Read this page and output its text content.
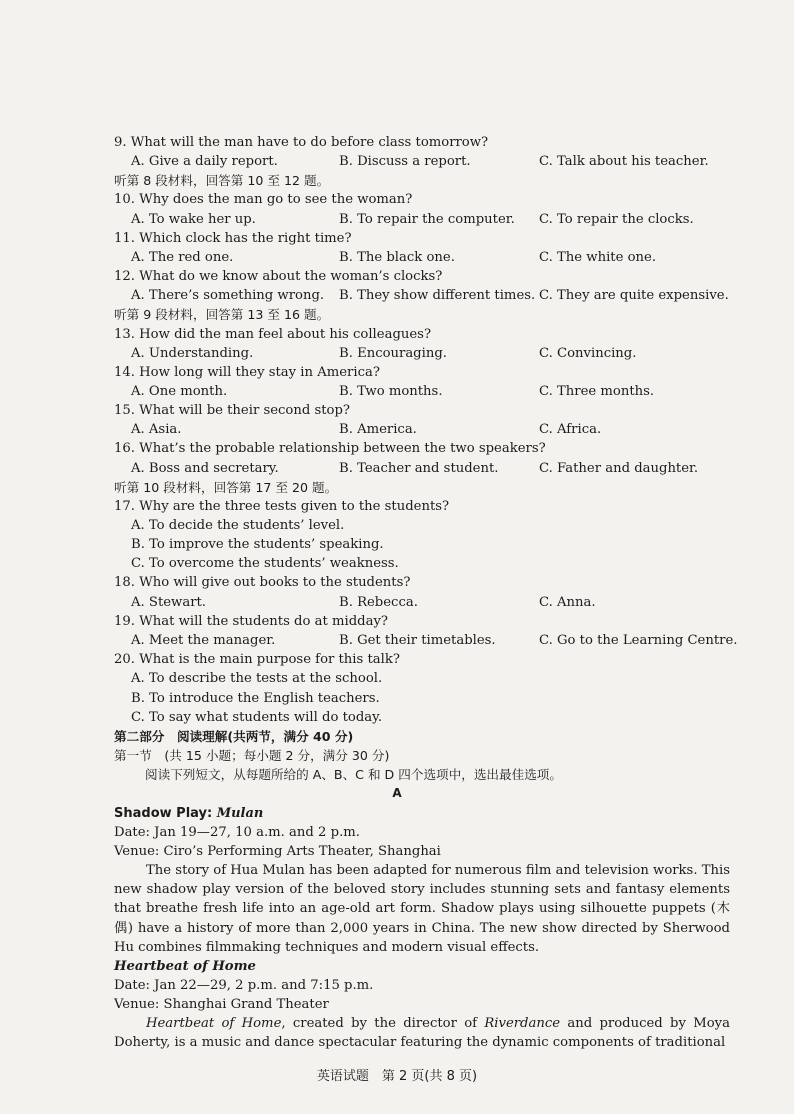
9. What will the man have to do before class tomorrow?
A. Give a daily report.	B. Discuss a report.	C. Talk about his teacher.
听第 8 段材料，回答第 10 至 12 题。
10. Why does the man go to see the woman?
A. To wake her up.	B. To repair the computer. C. To repair the clocks.
11. Which clock has the right time?
A. The red one.	B. The black one.	C. The white one.
12. What do we know about the woman’s clocks?
A. There’s something wrong. B. They show different times. C. They are quite expensive.
听第 9 段材料，回答第 13 至 16 题。
13. How did the man feel about his colleagues?
A. Understanding.	B. Encouraging.	C. Convincing.
14. How long will they stay in America?
A. One month.	B. Two months.	C. Three months.
15. What will be their second stop?
A. Asia.	B. America.	C. Africa.
16. What’s the probable relationship between the two speakers?
A. Boss and secretary.	B. Teacher and student.	C. Father and daughter.
听第 10 段材料，回答第 17 至 20 题。
17. Why are the three tests given to the students?
A. To decide the students’ level.
B. To improve the students’ speaking.
C. To overcome the students’ weakness.
18. Who will give out books to the students?
A. Stewart.	B. Rebecca.	C. Anna.
19. What will the students do at midday?
A. Meet the manager.	B. Get their timetables.	C. Go to the Learning Centre.
20. What is the main purpose for this talk?
A. To describe the tests at the school.
B. To introduce the English teachers.
C. To say what students will do today.
第二部分　阅读理解(共两节，满分 40 分)
第一节　(共 15 小题；每小题 2 分，满分 30 分)
阅读下列短文，从每题所给的 A、B、C 和 D 四个选项中，选出最佳选项。
A
Shadow Play: Mulan
Date: Jan 19—27, 10 a.m. and 2 p.m.
Venue: Ciro’s Performing Arts Theater, Shanghai
The story of Hua Mulan has been adapted for numerous film and television works. This new shadow play version of the beloved story includes stunning sets and fantasy elements that breathe fresh life into an age-old art form. Shadow plays using silhouette puppets (木偶) have a history of more than 2,000 years in China. The new show directed by Sherwood Hu combines filmmaking techniques and modern visual effects.
Heartbeat of Home
Date: Jan 22—29, 2 p.m. and 7:15 p.m.
Venue: Shanghai Grand Theater
Heartbeat of Home, created by the director of Riverdance and produced by Moya Doherty, is a music and dance spectacular featuring the dynamic components of traditional
英语试题　第 2 页(共 8 页)
